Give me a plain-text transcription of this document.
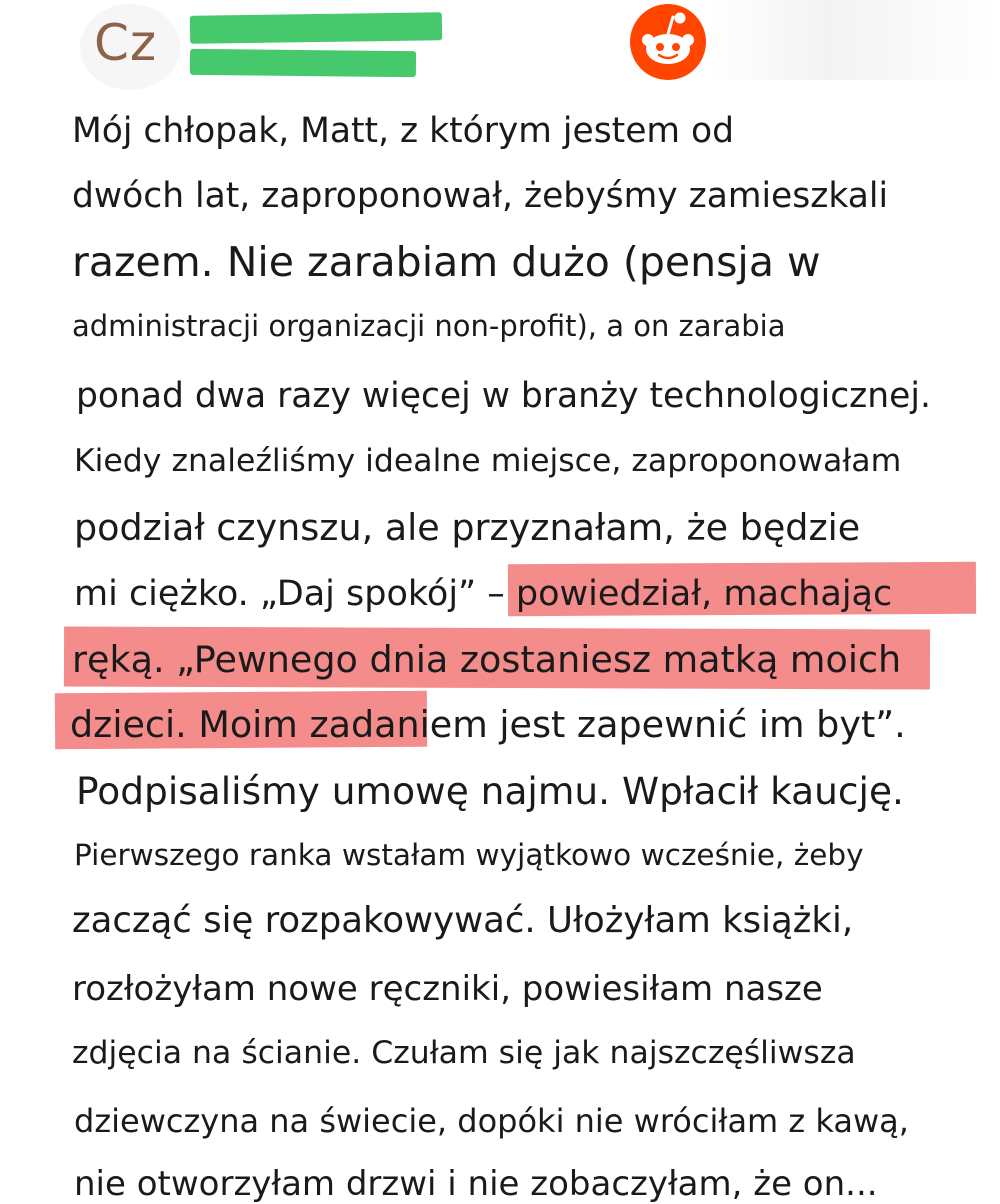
Cz
Mój chłopak, Matt, z którym jestem od
dwóch lat, zaproponował, żebyśmy zamieszkali
razem. Nie zarabiam dużo (pensja w
administracji organizacji non-profit), a on zarabia
ponad dwa razy więcej w branży technologicznej.
Kiedy znaleźliśmy idealne miejsce, zaproponowałam
podział czynszu, ale przyznałam, że będzie
mi ciężko. „Daj spokój” – powiedział, machając
ręką. „Pewnego dnia zostaniesz matką moich
dzieci. Moim zadaniem jest zapewnić im byt”.
Podpisaliśmy umowę najmu. Wpłacił kaucję.
Pierwszego ranka wstałam wyjątkowo wcześnie, żeby
zacząć się rozpakowywać. Ułożyłam książki,
rozłożyłam nowe ręczniki, powiesiłam nasze
zdjęcia na ścianie. Czułam się jak najszczęśliwsza
dziewczyna na świecie, dopóki nie wróciłam z kawą,
nie otworzyłam drzwi i nie zobaczyłam, że on...
